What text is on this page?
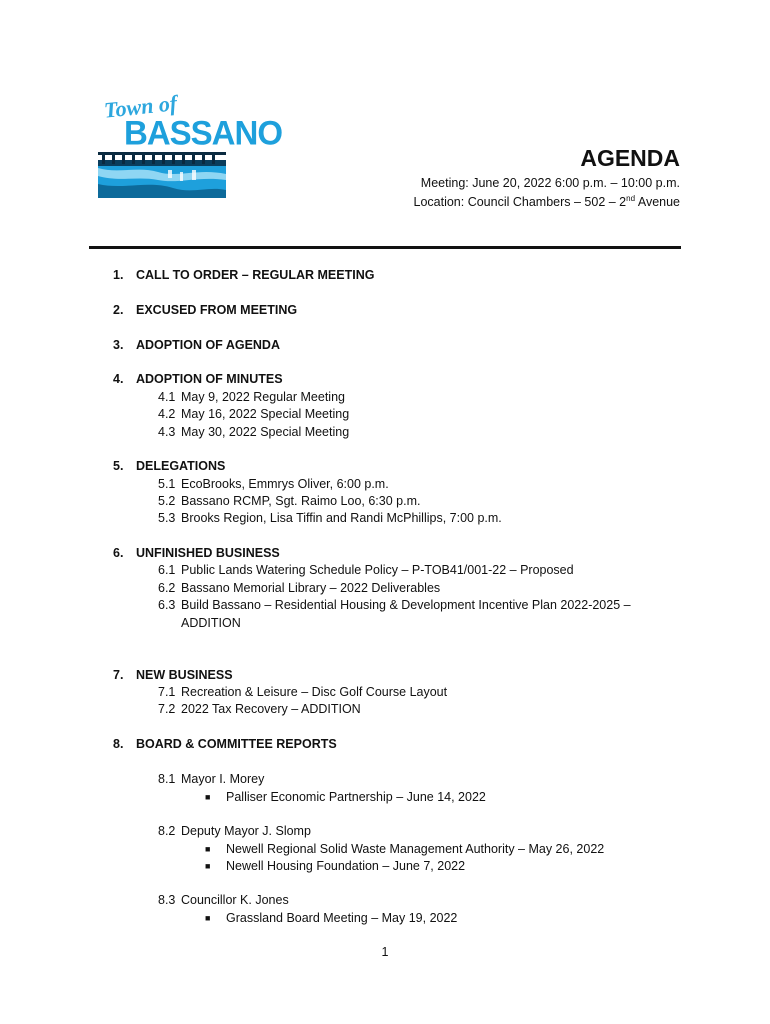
Town of
BASSANO
AGENDA
Meeting: June 20, 2022 6:00 p.m. – 10:00 p.m.
Location: Council Chambers – 502 – 2nd Avenue
1. CALL TO ORDER – REGULAR MEETING
2. EXCUSED FROM MEETING
3. ADOPTION OF AGENDA
4. ADOPTION OF MINUTES
4.1 May 9, 2022 Regular Meeting
4.2 May 16, 2022 Special Meeting
4.3 May 30, 2022 Special Meeting
5. DELEGATIONS
5.1 EcoBrooks, Emmrys Oliver, 6:00 p.m.
5.2 Bassano RCMP, Sgt. Raimo Loo, 6:30 p.m.
5.3 Brooks Region, Lisa Tiffin and Randi McPhillips, 7:00 p.m.
6. UNFINISHED BUSINESS
6.1 Public Lands Watering Schedule Policy – P-TOB41/001-22 – Proposed
6.2 Bassano Memorial Library – 2022 Deliverables
6.3 Build Bassano – Residential Housing & Development Incentive Plan 2022-2025 –
ADDITION
7. NEW BUSINESS
7.1 Recreation & Leisure – Disc Golf Course Layout
7.2 2022 Tax Recovery – ADDITION
8. BOARD & COMMITTEE REPORTS
8.1 Mayor I. Morey
■ Palliser Economic Partnership – June 14, 2022
8.2 Deputy Mayor J. Slomp
■ Newell Regional Solid Waste Management Authority – May 26, 2022
■ Newell Housing Foundation – June 7, 2022
8.3 Councillor K. Jones
■ Grassland Board Meeting – May 19, 2022
1
